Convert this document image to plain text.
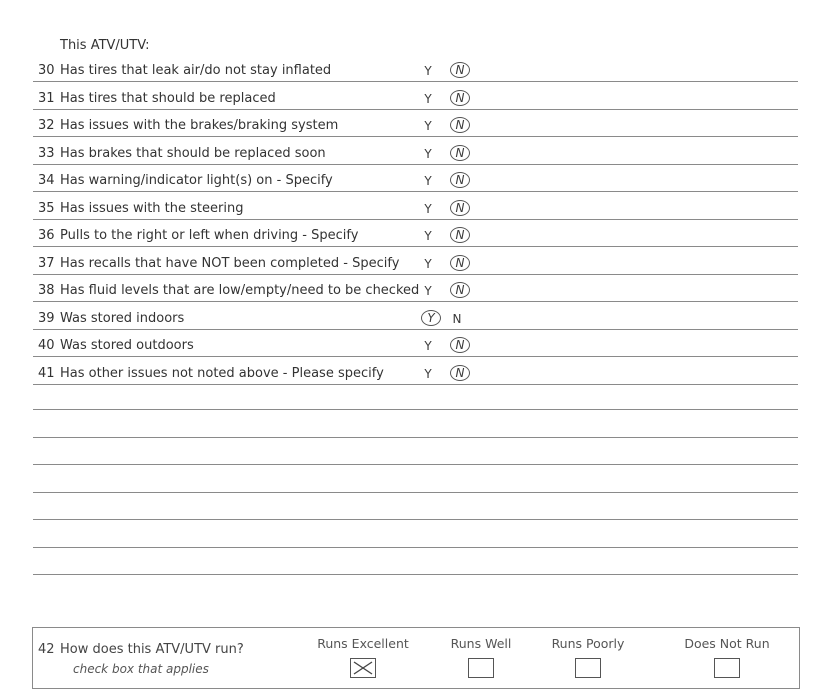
This ATV/UTV:
30 Has tires that leak air/do not stay inflated	Y	N
31 Has tires that should be replaced	Y	N
32 Has issues with the brakes/braking system	Y	N
33 Has brakes that should be replaced soon	Y	N
34 Has warning/indicator light(s) on - Specify	Y	N
35 Has issues with the steering	Y	N
36 Pulls to the right or left when driving - Specify	Y	N
37 Has recalls that have NOT been completed - Specify Y	N
38 Has fluid levels that are low/empty/need to be checked Y	N
39 Was stored indoors	Y	N
40 Was stored outdoors	Y	N
41 Has other issues not noted above - Please specify	Y	N
42 How does this ATV/UTV run?
check box that applies
Runs Excellent	Runs Well	Runs Poorly	Does Not Run
